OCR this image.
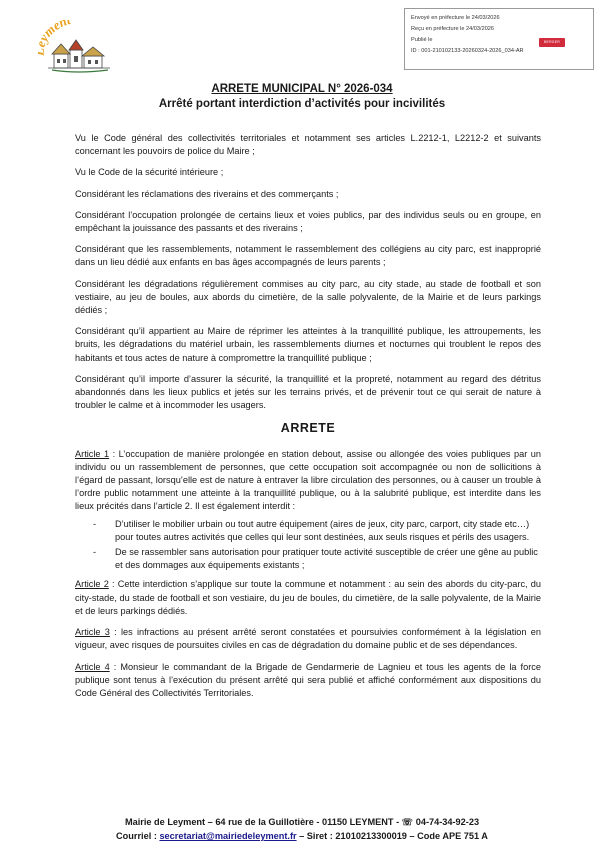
men	Envoyé en préfecture le 24/03/2026
Reçu en préfecture le 24/03/2026
Publié le
ID : 001-210102133-20260324-2026_034-AR
BERGER LEVRAULT
ARRETE MUNICIPAL N° 2026-034
Arrêté portant interdiction d’activités pour incivilités

Vu le Code général des collectivités territoriales et notamment ses articles L.2212-1, L2212-2 et suivants concernant les pouvoirs de police du Maire ;

Vu le Code de la sécurité intérieure ;

Considérant les réclamations des riverains et des commerçants ;

Considérant l’occupation prolongée de certains lieux et voies publics, par des individus seuls ou en groupe, en empêchant la jouissance des passants et des riverains ;

Considérant que les rassemblements, notamment le rassemblement des collégiens au city parc, est inapproprié dans un lieu dédié aux enfants en bas âges accompagnés de leurs parents ;

Considérant les dégradations régulièrement commises au city parc, au city stade, au stade de football et son vestiaire, au jeu de boules, aux abords du cimetière, de la salle polyvalente, de la Mairie et de leurs parkings dédiés ;

Considérant qu’il appartient au Maire de réprimer les atteintes à la tranquillité publique, les attroupements, les bruits, les dégradations du matériel urbain, les rassemblements diurnes et nocturnes qui troublent le repos des habitants et tous actes de nature à compromettre la tranquillité publique ;

Considérant qu’il importe d’assurer la sécurité, la tranquillité et la propreté, notamment au regard des détritus abandonnés dans les lieux publics et jetés sur les terrains privés, et de prévenir tout ce qui serait de nature à troubler le calme et à incommoder les usagers.

ARRETE

Article 1 : L’occupation de manière prolongée en station debout, assise ou allongée des voies publiques par un individu ou un rassemblement de personnes, que cette occupation soit accompagnée ou non de sollicitions à l’égard de passant, lorsqu’elle est de nature à entraver la libre circulation des personnes, ou à causer un trouble à l’ordre public notamment une atteinte à la tranquillité publique, ou à la salubrité publique, est interdite dans les lieux précités dans l’article 2. Il est également interdit :

- D’utiliser le mobilier urbain ou tout autre équipement (aires de jeux, city parc, carport, city stade etc…) pour toutes autres activités que celles qui leur sont destinées, aux seuls risques et périls des usagers.
- De se rassembler sans autorisation pour pratiquer toute activité susceptible de créer une gêne au public et des dommages aux équipements existants ;

Article 2 : Cette interdiction s’applique sur toute la commune et notamment : au sein des abords du city-parc, du city-stade, du stade de football et son vestiaire, du jeu de boules, du cimetière, de la salle polyvalente, de la Mairie et de leurs parkings dédiés.

Article 3 : les infractions au présent arrêté seront constatées et poursuivies conformément à la législation en vigueur, avec risques de poursuites civiles en cas de dégradation du domaine public et de ses dépendances.

Article 4 : Monsieur le commandant de la Brigade de Gendarmerie de Lagnieu et tous les agents de la force publique sont tenus à l’exécution du présent arrêté qui sera publié et affiché conformément aux dispositions du Code Général des Collectivités Territoriales.

Mairie de Leyment – 64 rue de la Guillotière - 01150 LEYMENT - ☏ 04-74-34-92-23
Courriel : secretariat@mairiedeleyment.fr – Siret : 21010213300019 – Code APE 751 A
